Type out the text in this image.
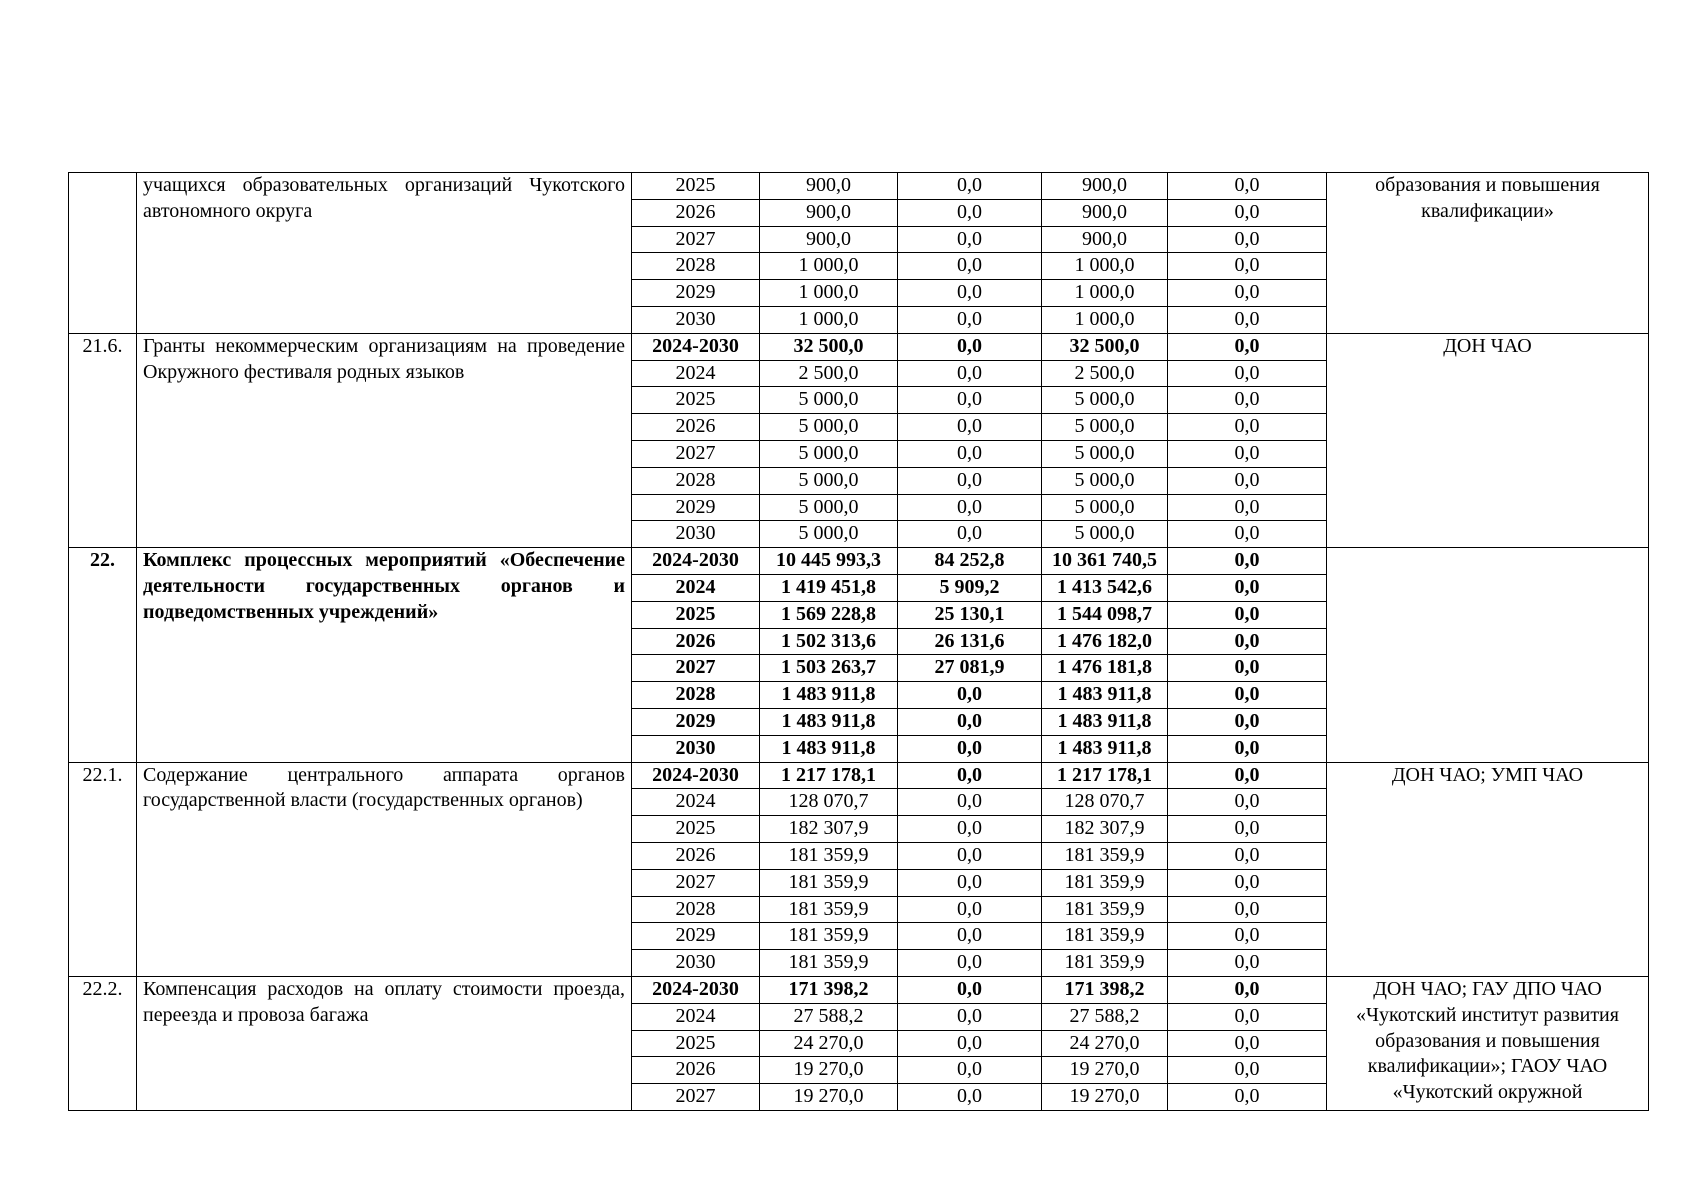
	учащихся образовательных организаций Чукотского автономного округа	2025	900,0	0,0	900,0	0,0	образования и повышения квалификации»
		2026	900,0	0,0	900,0	0,0	
		2027	900,0	0,0	900,0	0,0	
		2028	1 000,0	0,0	1 000,0	0,0	
		2029	1 000,0	0,0	1 000,0	0,0	
		2030	1 000,0	0,0	1 000,0	0,0	
21.6.	Гранты некоммерческим организациям на проведение Окружного фестиваля родных языков	2024-2030	32 500,0	0,0	32 500,0	0,0	ДОН ЧАО
		2024	2 500,0	0,0	2 500,0	0,0	
		2025	5 000,0	0,0	5 000,0	0,0	
		2026	5 000,0	0,0	5 000,0	0,0	
		2027	5 000,0	0,0	5 000,0	0,0	
		2028	5 000,0	0,0	5 000,0	0,0	
		2029	5 000,0	0,0	5 000,0	0,0	
		2030	5 000,0	0,0	5 000,0	0,0	
22.	Комплекс процессных мероприятий «Обеспечение деятельности государственных органов и подведомственных учреждений»	2024-2030	10 445 993,3	84 252,8	10 361 740,5	0,0	
		2024	1 419 451,8	5 909,2	1 413 542,6	0,0	
		2025	1 569 228,8	25 130,1	1 544 098,7	0,0	
		2026	1 502 313,6	26 131,6	1 476 182,0	0,0	
		2027	1 503 263,7	27 081,9	1 476 181,8	0,0	
		2028	1 483 911,8	0,0	1 483 911,8	0,0	
		2029	1 483 911,8	0,0	1 483 911,8	0,0	
		2030	1 483 911,8	0,0	1 483 911,8	0,0	
22.1.	Содержание центрального аппарата органов государственной власти (государственных органов)	2024-2030	1 217 178,1	0,0	1 217 178,1	0,0	ДОН ЧАО; УМП ЧАО
		2024	128 070,7	0,0	128 070,7	0,0	
		2025	182 307,9	0,0	182 307,9	0,0	
		2026	181 359,9	0,0	181 359,9	0,0	
		2027	181 359,9	0,0	181 359,9	0,0	
		2028	181 359,9	0,0	181 359,9	0,0	
		2029	181 359,9	0,0	181 359,9	0,0	
		2030	181 359,9	0,0	181 359,9	0,0	
22.2.	Компенсация расходов на оплату стоимости проезда, переезда и провоза багажа	2024-2030	171 398,2	0,0	171 398,2	0,0	ДОН ЧАО; ГАУ ДПО ЧАО «Чукотский институт развития образования и повышения квалификации»; ГАОУ ЧАО «Чукотский окружной
		2024	27 588,2	0,0	27 588,2	0,0	
		2025	24 270,0	0,0	24 270,0	0,0	
		2026	19 270,0	0,0	19 270,0	0,0	
		2027	19 270,0	0,0	19 270,0	0,0	
